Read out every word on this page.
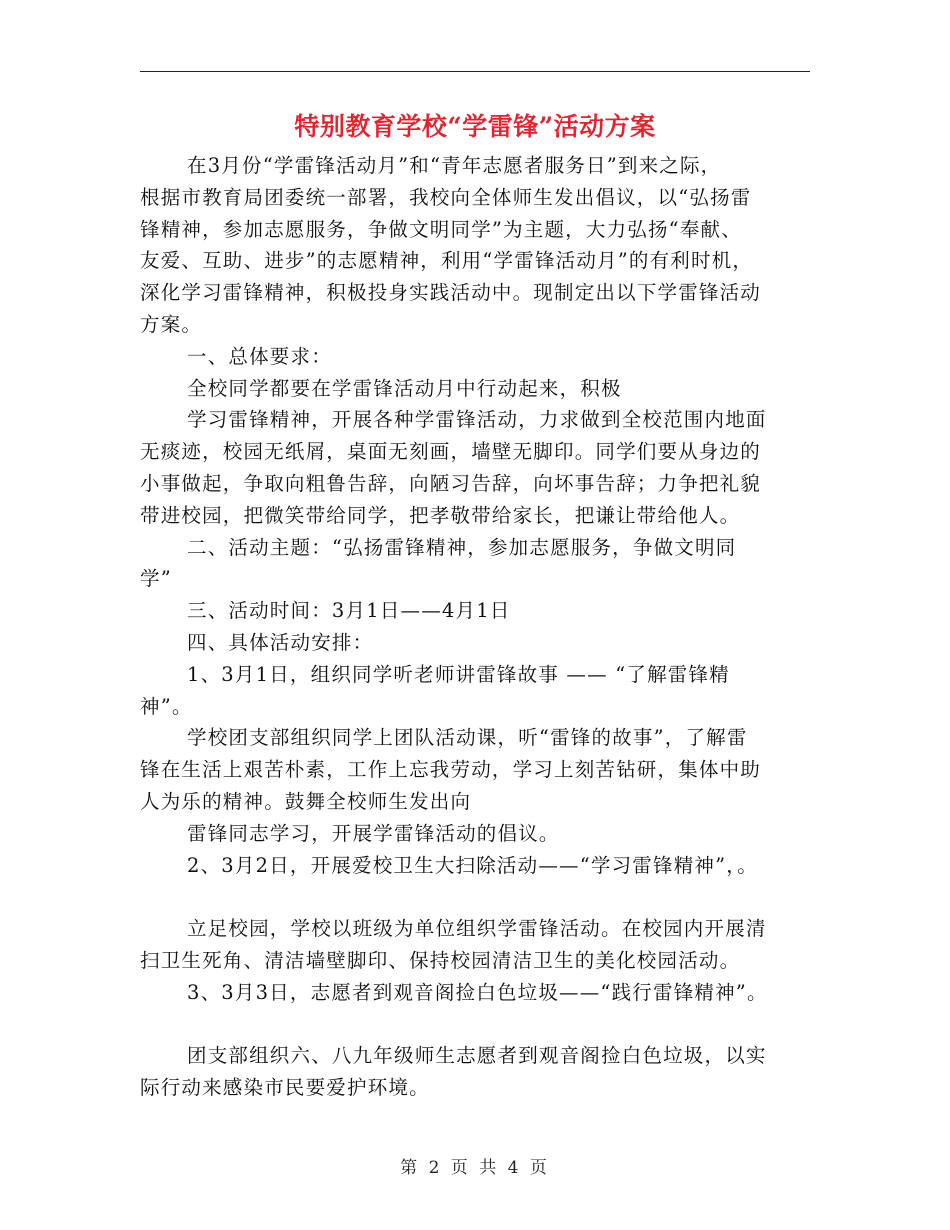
特别教育学校“学雷锋”活动方案

在3月份“学雷锋活动月”和“青年志愿者服务日”到来之际，
根据市教育局团委统一部署，我校向全体师生发出倡议，以“弘扬雷
锋精神，参加志愿服务，争做文明同学”为主题，大力弘扬“奉献、
友爱、互助、进步”的志愿精神，利用“学雷锋活动月”的有利时机，
深化学习雷锋精神，积极投身实践活动中。现制定出以下学雷锋活动
方案。

一、总体要求：

全校同学都要在学雷锋活动月中行动起来，积极

学习雷锋精神，开展各种学雷锋活动，力求做到全校范围内地面
无痰迹，校园无纸屑，桌面无刻画，墙壁无脚印。同学们要从身边的
小事做起，争取向粗鲁告辞，向陋习告辞，向坏事告辞；力争把礼貌
带进校园，把微笑带给同学，把孝敬带给家长，把谦让带给他人。

二、活动主题：“弘扬雷锋精神，参加志愿服务，争做文明同
学”

三、活动时间：3月1日——4月1日

四、具体活动安排：

1、3月1日，组织同学听老师讲雷锋故事 —— “了解雷锋精
神”。

学校团支部组织同学上团队活动课，听“雷锋的故事”，了解雷
锋在生活上艰苦朴素，工作上忘我劳动，学习上刻苦钻研，集体中助
人为乐的精神。鼓舞全校师生发出向

雷锋同志学习，开展学雷锋活动的倡议。

2、3月2日，开展爱校卫生大扫除活动——“学习雷锋精神”，。

立足校园，学校以班级为单位组织学雷锋活动。在校园内开展清
扫卫生死角、清洁墙壁脚印、保持校园清洁卫生的美化校园活动。

3、3月3日，志愿者到观音阁捡白色垃圾——“践行雷锋精神”。

团支部组织六、八九年级师生志愿者到观音阁捡白色垃圾，以实
际行动来感染市民要爱护环境。

第 2 页 共 4 页
